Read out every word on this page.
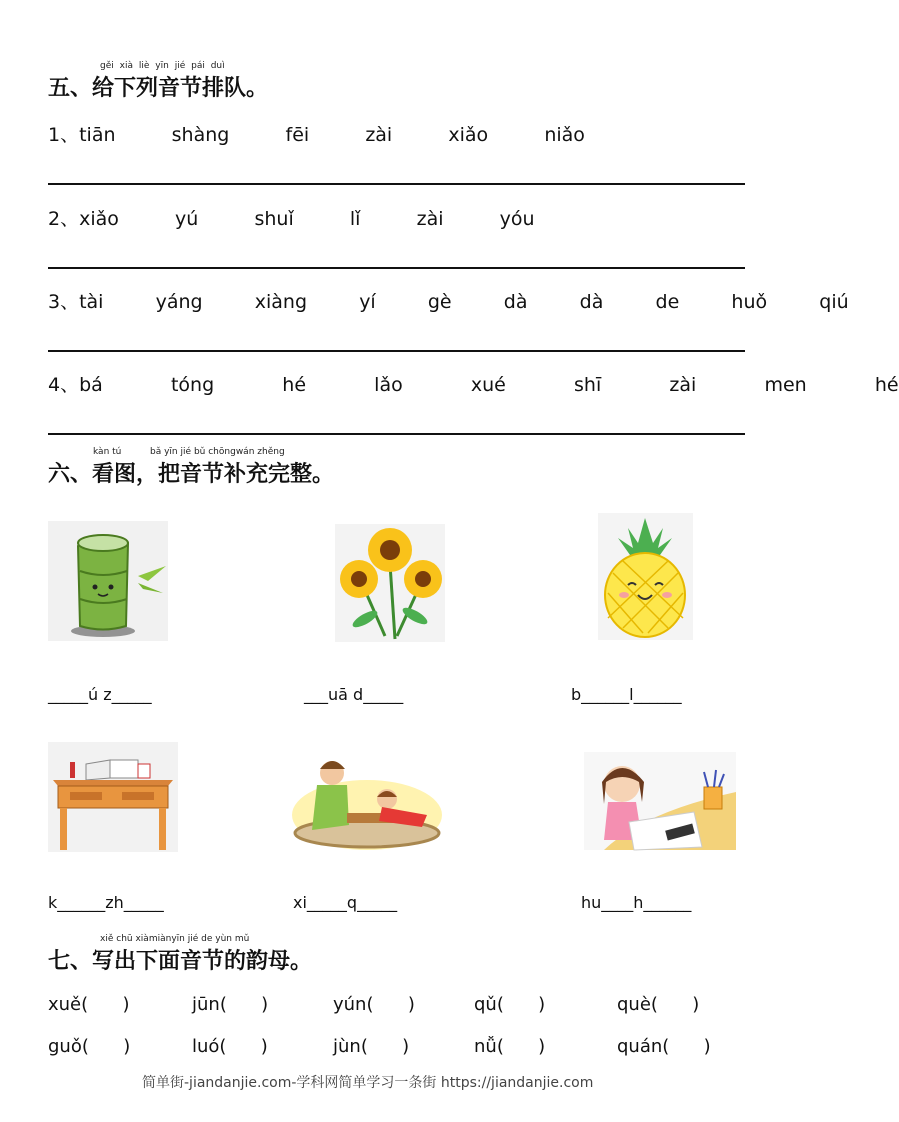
gěi xià liè yīn jié pái duì
五、给下列音节排队。
1、tiān    shàng    fēi    zài    xiǎo    niǎo
2、xiǎo    yú    shuǐ    lǐ    zài    yóu
3、tài    yáng    xiàng    yí    gè    dà    dà    de    huǒ    qiú
4、bá    tóng    hé    lǎo    xué    shī    zài    men    hé
kàn tú	bǎ yīn jié bǔ chōngwán zhěng
六、看图，把音节补充完整。
_____ú z_____	___uā d_____	b______l______
k______zh_____	xi_____q_____	hu____h______
xiě chū xiàmiànyīn jié de yùn mǔ
七、写出下面音节的韵母。
xuě(      )	jūn(      )	yún(      )	qǔ(      )	què(      )
guǒ(      )	luó(      )	jùn(      )	nǚ(      )	quán(      )
简单街-jiandanjie.com-学科网简单学习一条街 https://jiandanjie.com
